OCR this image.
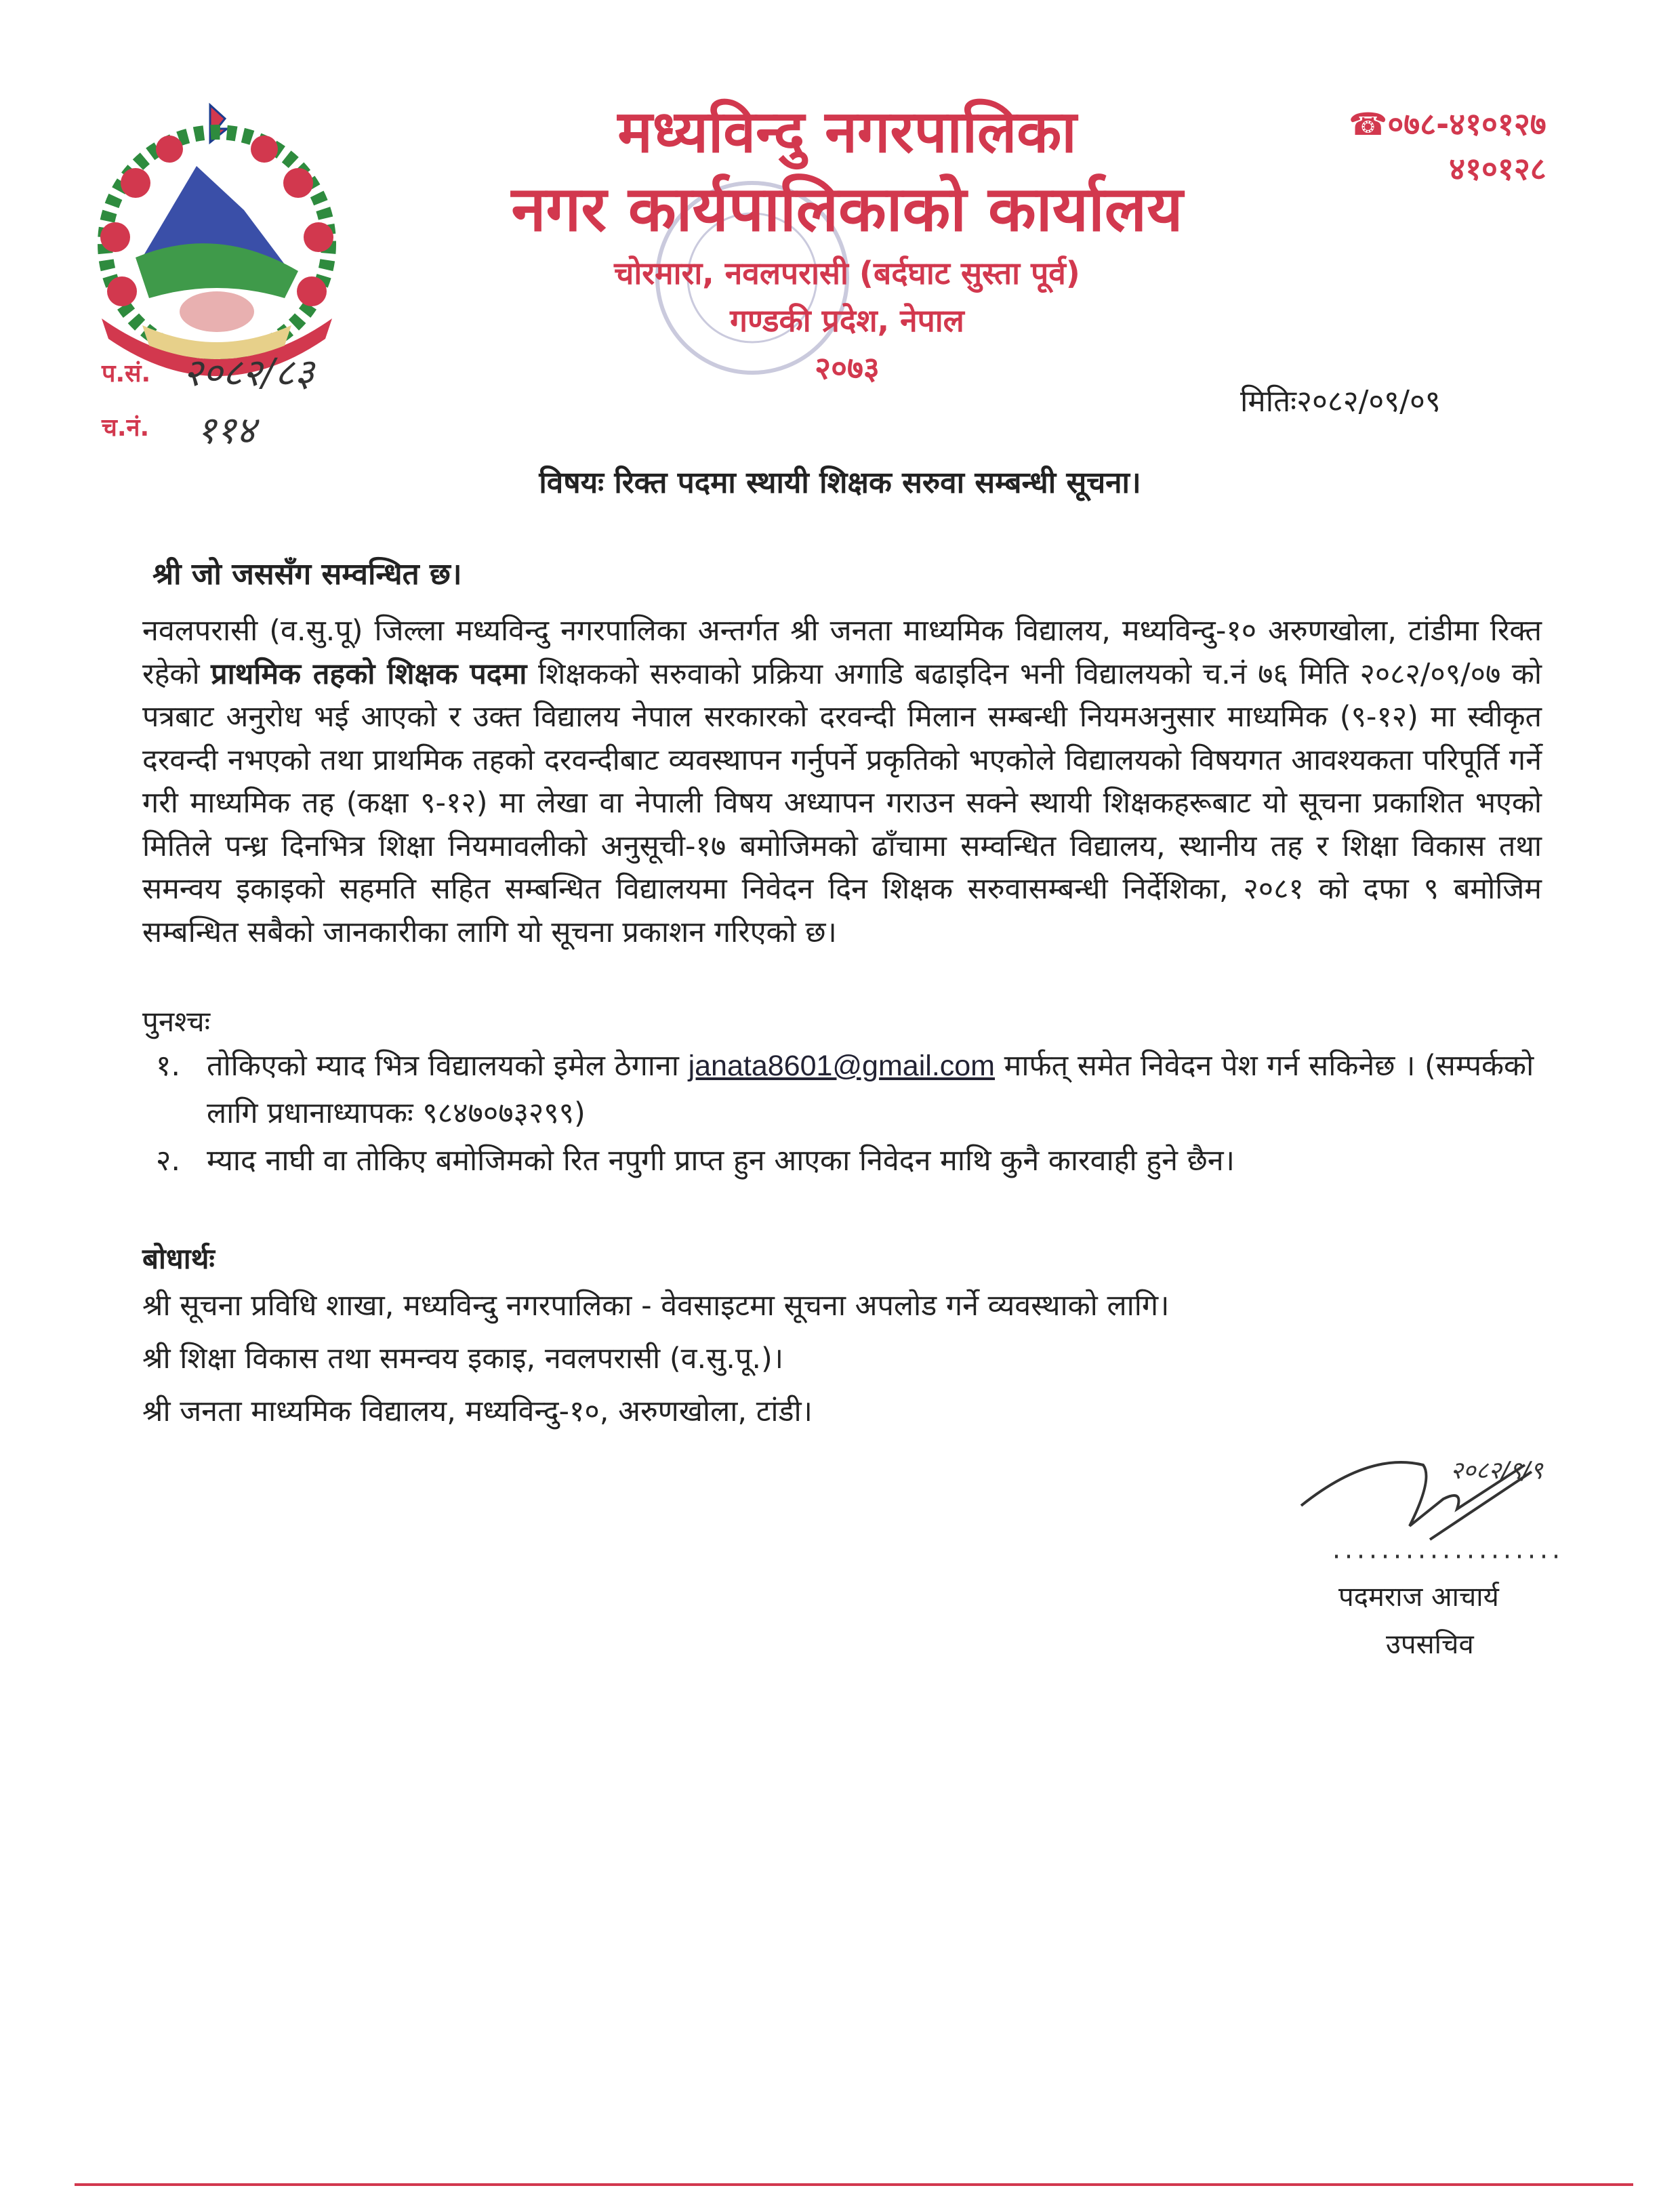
मध्यविन्दु नगरपालिका
नगर कार्यपालिकाको कार्यालय
चोरमारा, नवलपरासी (बर्दघाट सुस्ता पूर्व)
गण्डकी प्रदेश, नेपाल
२०७३
☎०७८-४१०१२७
४१०१२८
प.सं. २०८२/८३
च.नं. ११४
मितिः२०८२/०९/०९
विषयः रिक्त पदमा स्थायी शिक्षक सरुवा सम्बन्धी सूचना।
श्री जो जससँग सम्वन्धित छ।
नवलपरासी (व.सु.पू) जिल्ला मध्यविन्दु नगरपालिका अन्तर्गत श्री जनता माध्यमिक विद्यालय, मध्यविन्दु-१० अरुणखोला, टांडीमा रिक्त रहेको प्राथमिक तहको शिक्षक पदमा शिक्षकको सरुवाको प्रक्रिया अगाडि बढाइदिन भनी विद्यालयको च.नं ७६ मिति २०८२/०९/०७ को पत्रबाट अनुरोध भई आएको र उक्त विद्यालय नेपाल सरकारको दरवन्दी मिलान सम्बन्धी नियमअनुसार माध्यमिक (९-१२) मा स्वीकृत दरवन्दी नभएको तथा प्राथमिक तहको दरवन्दीबाट व्यवस्थापन गर्नुपर्ने प्रकृतिको भएकोले विद्यालयको विषयगत आवश्यकता परिपूर्ति गर्ने गरी माध्यमिक तह (कक्षा ९-१२) मा लेखा वा नेपाली विषय अध्यापन गराउन सक्ने स्थायी शिक्षकहरूबाट यो सूचना प्रकाशित भएको मितिले पन्ध्र दिनभित्र शिक्षा नियमावलीको अनुसूची-१७ बमोजिमको ढाँचामा सम्वन्धित विद्यालय, स्थानीय तह र शिक्षा विकास तथा समन्वय इकाइको सहमति सहित सम्बन्धित विद्यालयमा निवेदन दिन शिक्षक सरुवासम्बन्धी निर्देशिका, २०८१ को दफा ९ बमोजिम सम्बन्धित सबैको जानकारीका लागि यो सूचना प्रकाशन गरिएको छ।
पुनश्चः
१. तोकिएको म्याद भित्र विद्यालयको इमेल ठेगाना janata8601@gmail.com मार्फत् समेत निवेदन पेश गर्न सकिनेछ । (सम्पर्कको लागि प्रधानाध्यापकः ९८४७०७३२९९)
२. म्याद नाघी वा तोकिए बमोजिमको रित नपुगी प्राप्त हुन आएका निवेदन माथि कुनै कारवाही हुने छैन।
बोधार्थः
श्री सूचना प्रविधि शाखा, मध्यविन्दु नगरपालिका - वेवसाइटमा सूचना अपलोड गर्ने व्यवस्थाको लागि।
श्री शिक्षा विकास तथा समन्वय इकाइ, नवलपरासी (व.सु.पू.)।
श्री जनता माध्यमिक विद्यालय, मध्यविन्दु-१०, अरुणखोला, टांडी।
२०८२/९/९
पदमराज आचार्य
उपसचिव
